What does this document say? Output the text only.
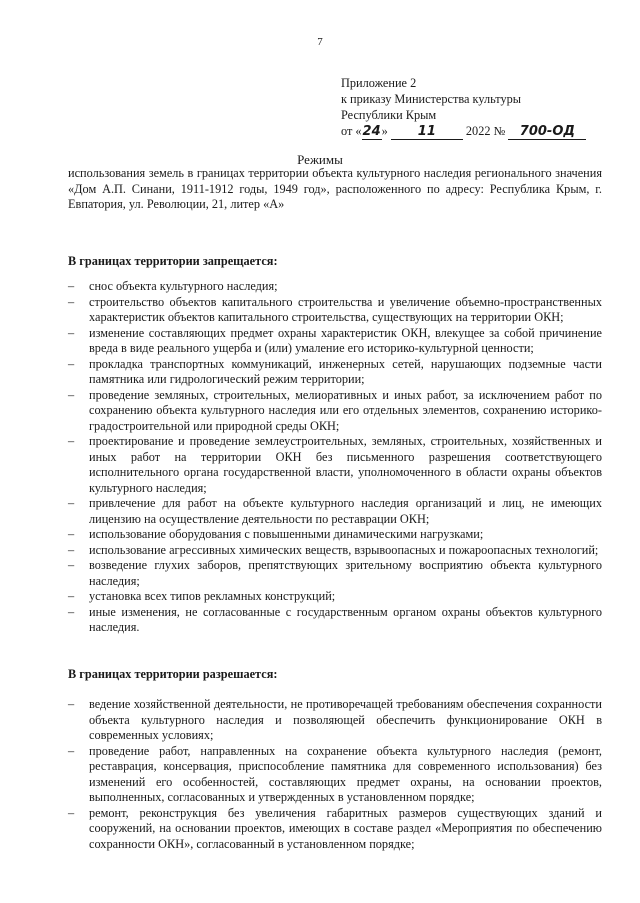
7
Приложение 2
к приказу Министерства культуры
Республики Крым
от «24» 11 2022 № 700-ОД
Режимы
использования земель в границах территории объекта культурного наследия регионального значения «Дом А.П. Синани, 1911-1912 годы, 1949 год», расположенного по адресу: Республика Крым, г. Евпатория, ул. Революции, 21, литер «А»
В границах территории запрещается:
– снос объекта культурного наследия;
– строительство объектов капитального строительства и увеличение объемно-пространственных характеристик объектов капитального строительства, существующих на территории ОКН;
– изменение составляющих предмет охраны характеристик ОКН, влекущее за собой причинение вреда в виде реального ущерба и (или) умаление его историко-культурной ценности;
– прокладка транспортных коммуникаций, инженерных сетей, нарушающих подземные части памятника или гидрологический режим территории;
– проведение земляных, строительных, мелиоративных и иных работ, за исключением работ по сохранению объекта культурного наследия или его отдельных элементов, сохранению историко-градостроительной или природной среды ОКН;
– проектирование и проведение землеустроительных, земляных, строительных, хозяйственных и иных работ на территории ОКН без письменного разрешения соответствующего исполнительного органа государственной власти, уполномоченного в области охраны объектов культурного наследия;
– привлечение для работ на объекте культурного наследия организаций и лиц, не имеющих лицензию на осуществление деятельности по реставрации ОКН;
– использование оборудования с повышенными динамическими нагрузками;
– использование агрессивных химических веществ, взрывоопасных и пожароопасных технологий;
– возведение глухих заборов, препятствующих зрительному восприятию объекта культурного наследия;
– установка всех типов рекламных конструкций;
– иные изменения, не согласованные с государственным органом охраны объектов культурного наследия.
В границах территории разрешается:
– ведение хозяйственной деятельности, не противоречащей требованиям обеспечения сохранности объекта культурного наследия и позволяющей обеспечить функционирование ОКН в современных условиях;
– проведение работ, направленных на сохранение объекта культурного наследия (ремонт, реставрация, консервация, приспособление памятника для современного использования) без изменений его особенностей, составляющих предмет охраны, на основании проектов, выполненных, согласованных и утвержденных в установленном порядке;
– ремонт, реконструкция без увеличения габаритных размеров существующих зданий и сооружений, на основании проектов, имеющих в составе раздел «Мероприятия по обеспечению сохранности ОКН», согласованный в установленном порядке;
